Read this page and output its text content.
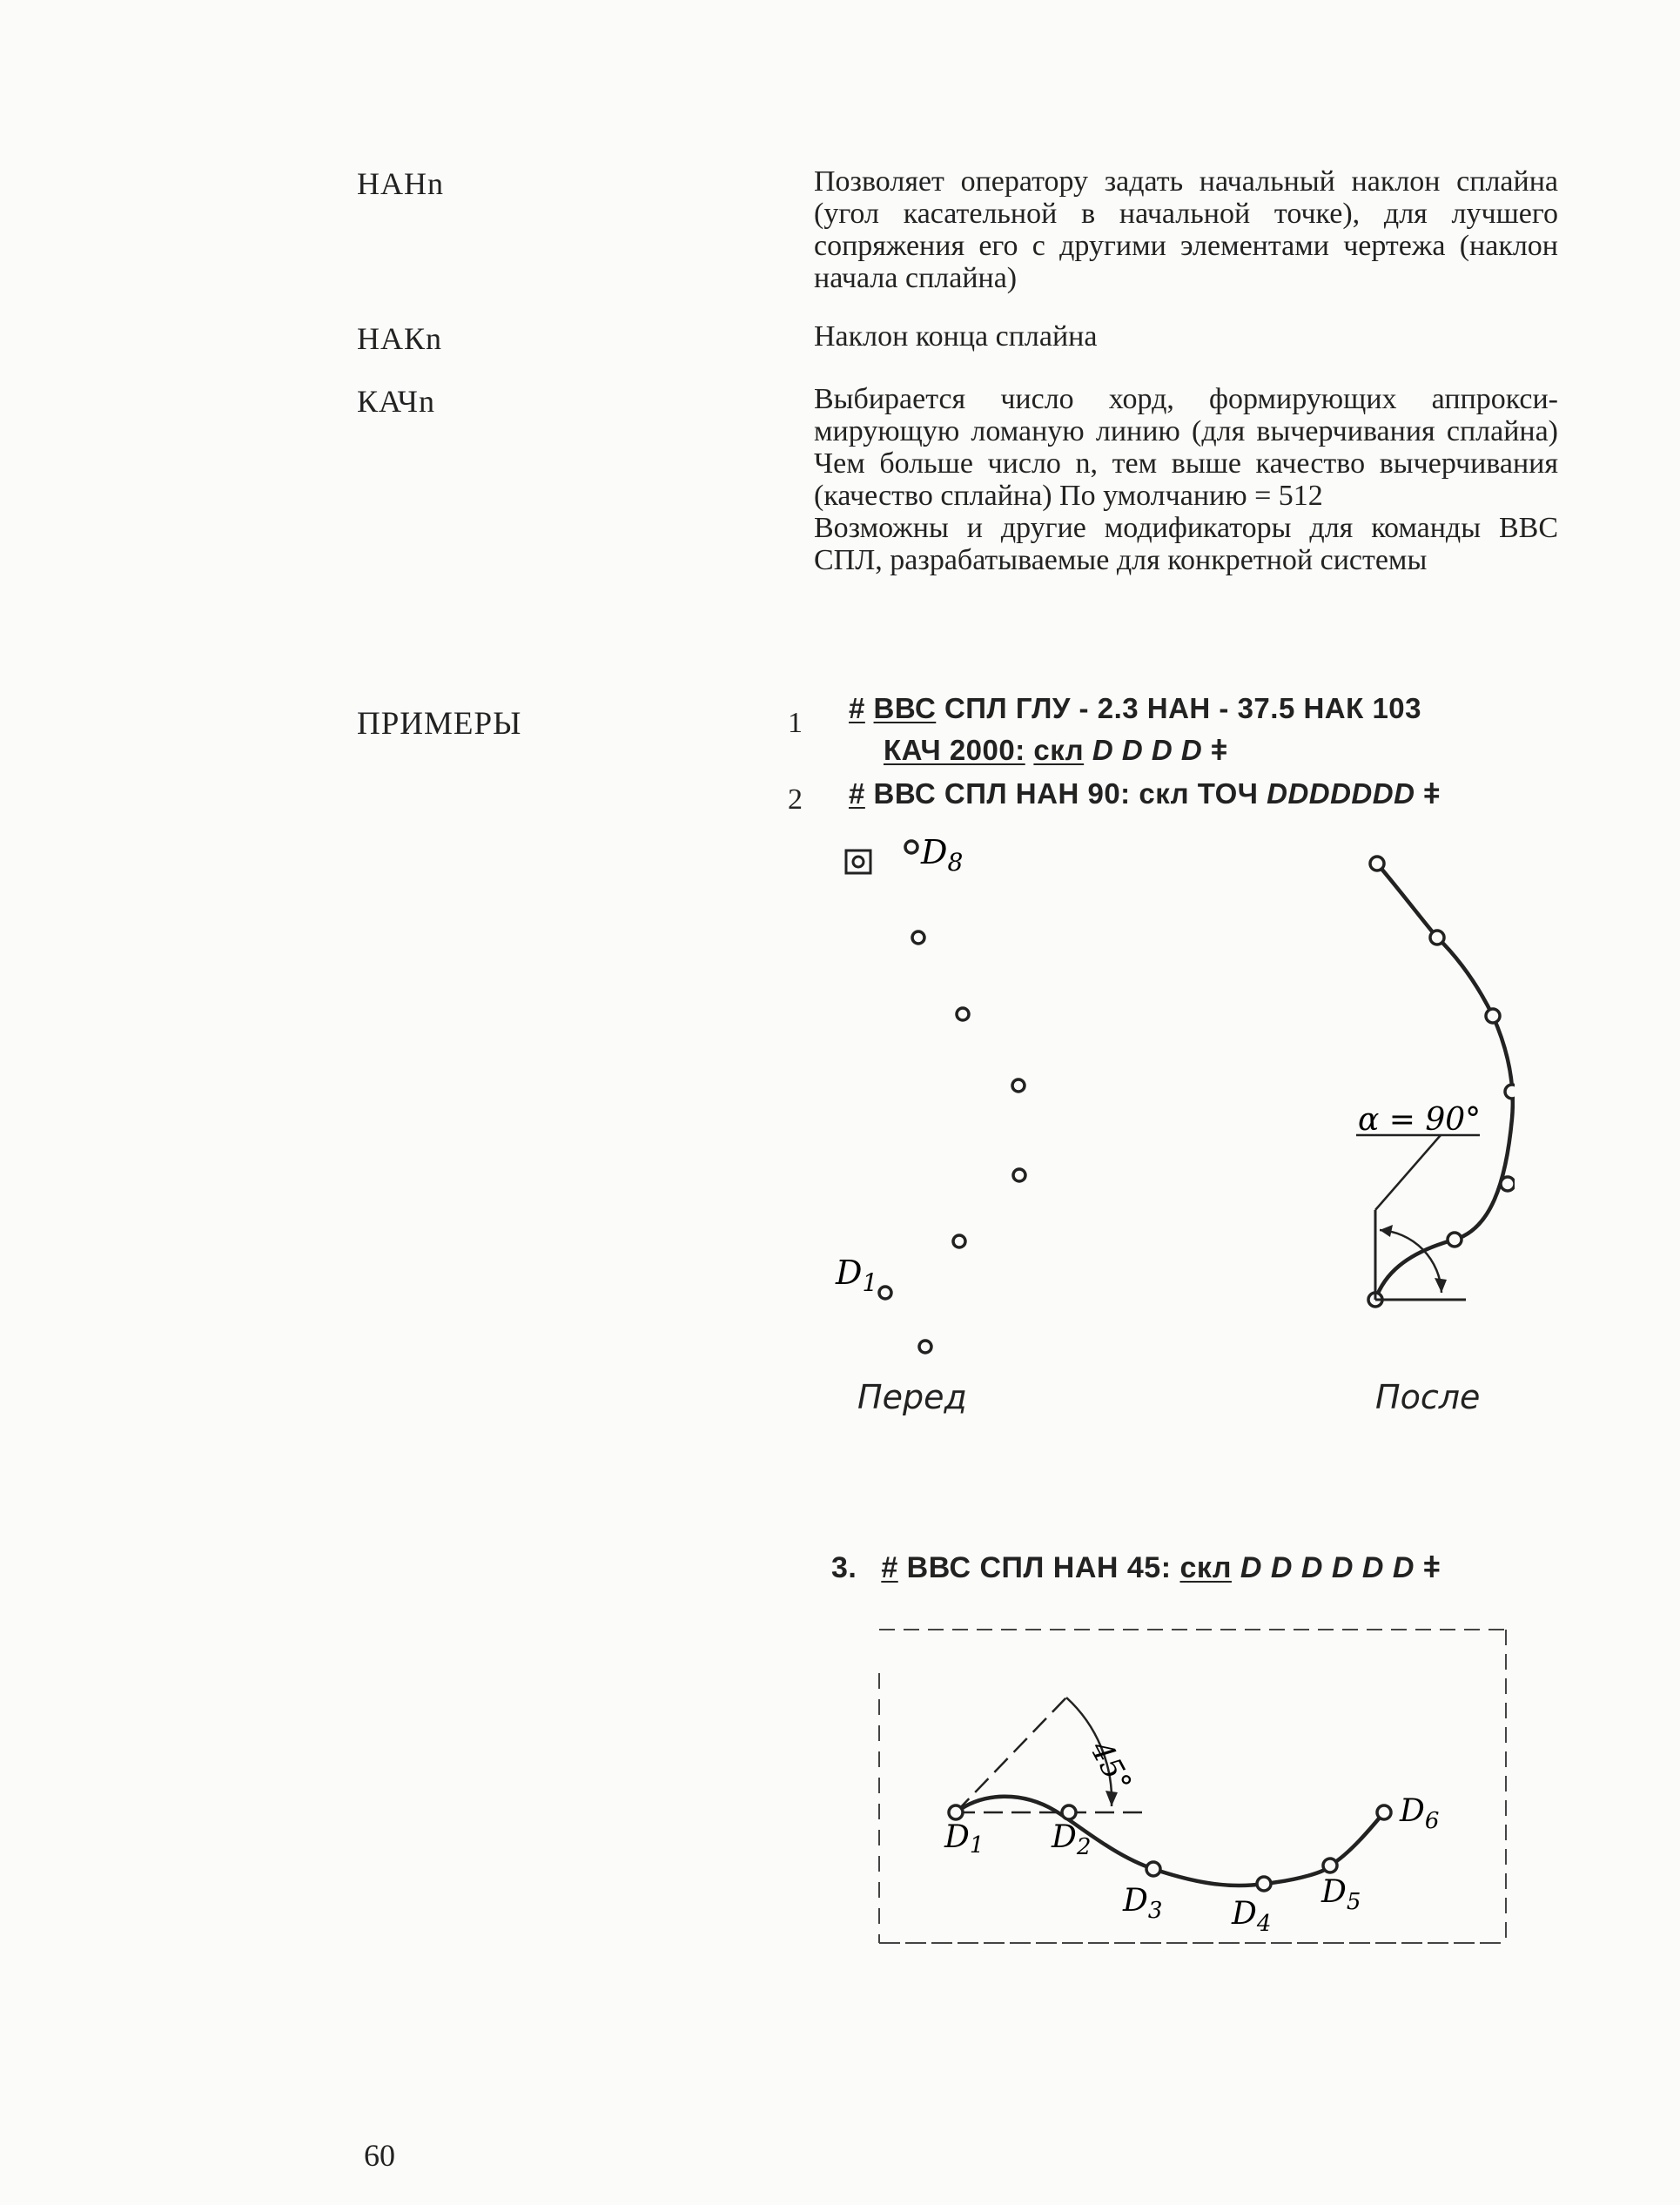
НАНn	Позволяет оператору задать начальный наклон сплайна (угол касательной в начальной точке), для лучшего сопряжения его с другими элементами чертежа (наклон начала сплайна)

НАКn	Наклон конца сплайна

КАЧn	Выбирается число хорд, формирующих аппроксимирующую ломаную линию (для вычерчивания сплайна) Чем больше число n, тем выше качество вычерчивания (качество сплайна) По умолчанию = 512

Возможны и другие модификаторы для команды ВВС СПЛ, разрабатываемые для конкретной системы

ПРИМЕРЫ	1 # ВВС СПЛ ГЛУ - 2.3 НАН - 37.5 НАК 103
КАЧ 2000: скл D D D D ǂ
2 # ВВС СПЛ НАН 90: скл ТОЧ DDDDDDD ǂ
$D_8$
$D_1$
α = 90°
Перед	После
3. # ВВС СПЛ НАН 45: скл D D D D D D ǂ
45°
D1 $D_2$
$D_3$ $D_4$
$D_5$
$D_6$
60
